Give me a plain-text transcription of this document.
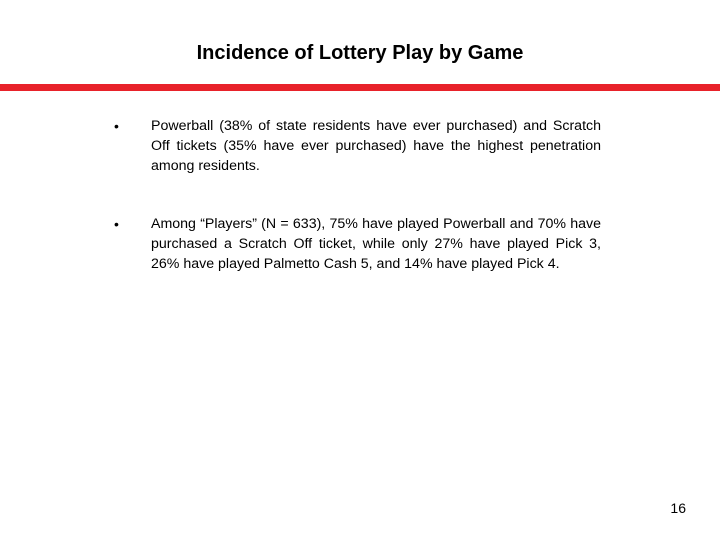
Incidence of Lottery Play by Game
• Powerball (38% of state residents have ever purchased) and Scratch Off tickets (35% have ever purchased) have the highest penetration among residents.
• Among “Players” (N = 633), 75% have played Powerball and 70% have purchased a Scratch Off ticket, while only 27% have played Pick 3, 26% have played Palmetto Cash 5, and 14% have played Pick 4.
16
